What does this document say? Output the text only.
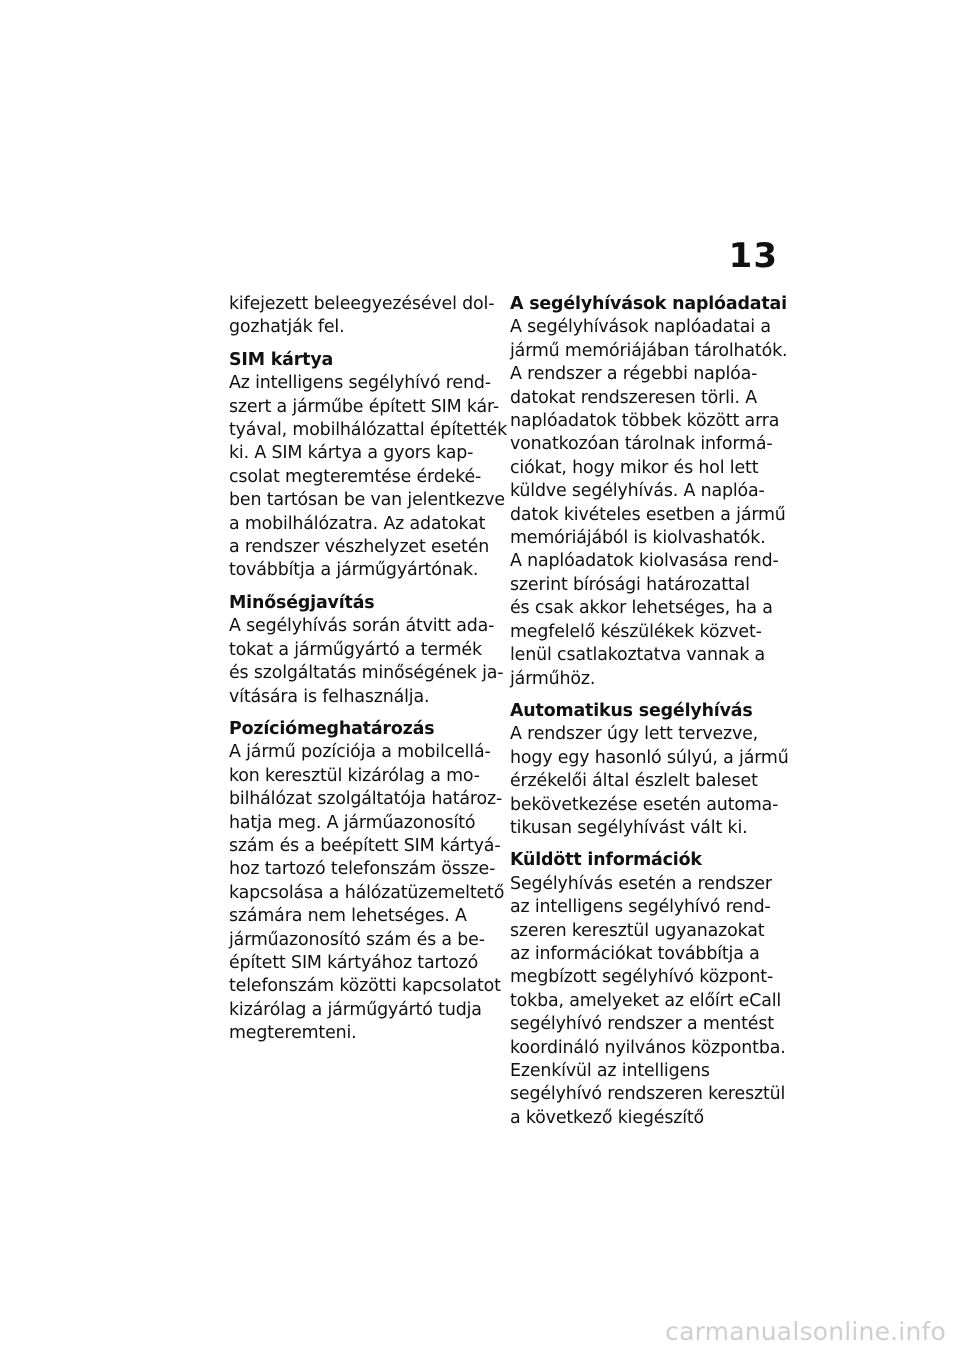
13
kifejezett beleegyezésével dol-
gozhatják fel.
SIM kártya
Az intelligens segélyhívó rend-
szert a járműbe épített SIM kár-
tyával, mobilhálózattal építették
ki. A SIM kártya a gyors kap-
csolat megteremtése érdeké-
ben tartósan be van jelentkezve
a mobilhálózatra. Az adatokat
a rendszer vészhelyzet esetén
továbbítja a járműgyártónak.
Minőségjavítás
A segélyhívás során átvitt ada-
tokat a járműgyártó a termék
és szolgáltatás minőségének ja-
vítására is felhasználja.
Pozíciómeghatározás
A jármű pozíciója a mobilcellá-
kon keresztül kizárólag a mo-
bilhálózat szolgáltatója határoz-
hatja meg. A járműazonosító
szám és a beépített SIM kártyá-
hoz tartozó telefonszám össze-
kapcsolása a hálózatüzemeltető
számára nem lehetséges. A
járműazonosító szám és a be-
épített SIM kártyához tartozó
telefonszám közötti kapcsolatot
kizárólag a járműgyártó tudja
megteremteni.
A segélyhívások naplóadatai
A segélyhívások naplóadatai a
jármű memóriájában tárolhatók.
A rendszer a régebbi naplóa-
datokat rendszeresen törli. A
naplóadatok többek között arra
vonatkozóan tárolnak informá-
ciókat, hogy mikor és hol lett
küldve segélyhívás. A naplóa-
datok kivételes esetben a jármű
memóriájából is kiolvashatók.
A naplóadatok kiolvasása rend-
szerint bírósági határozattal
és csak akkor lehetséges, ha a
megfelelő készülékek közvet-
lenül csatlakoztatva vannak a
járműhöz.
Automatikus segélyhívás
A rendszer úgy lett tervezve,
hogy egy hasonló súlyú, a jármű
érzékelői által észlelt baleset
bekövetkezése esetén automa-
tikusan segélyhívást vált ki.
Küldött információk
Segélyhívás esetén a rendszer
az intelligens segélyhívó rend-
szeren keresztül ugyanazokat
az információkat továbbítja a
megbízott segélyhívó központ-
tokba, amelyeket az előírt eCall
segélyhívó rendszer a mentést
koordináló nyilvános központba.
Ezenkívül az intelligens
segélyhívó rendszeren keresztül
a következő kiegészítő
carmanualsonline.info
